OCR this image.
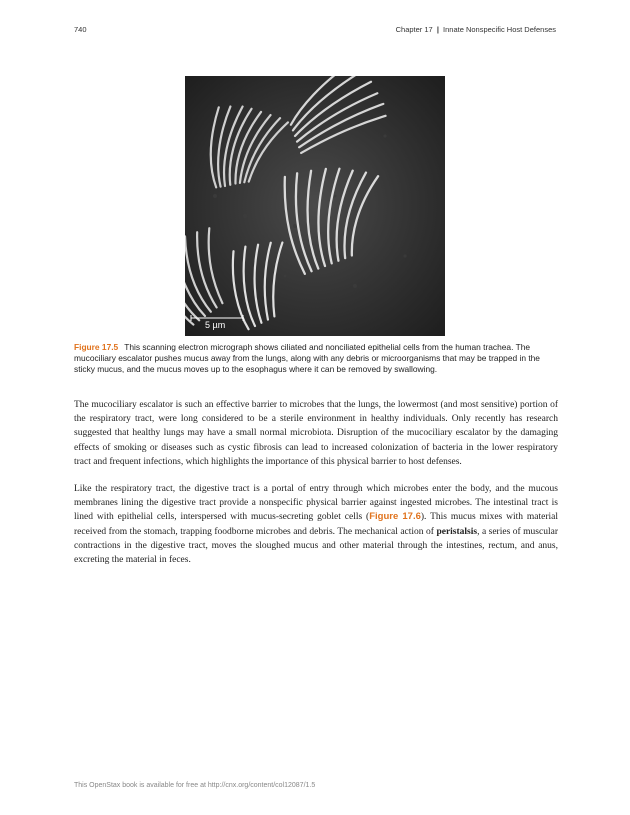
740	Chapter 17 | Innate Nonspecific Host Defenses
5 µm
Figure 17.5 This scanning electron micrograph shows ciliated and nonciliated epithelial cells from the human trachea. The mucociliary escalator pushes mucus away from the lungs, along with any debris or microorganisms that may be trapped in the sticky mucus, and the mucus moves up to the esophagus where it can be removed by swallowing.
The mucociliary escalator is such an effective barrier to microbes that the lungs, the lowermost (and most sensitive) portion of the respiratory tract, were long considered to be a sterile environment in healthy individuals. Only recently has research suggested that healthy lungs may have a small normal microbiota. Disruption of the mucociliary escalator by the damaging effects of smoking or diseases such as cystic fibrosis can lead to increased colonization of bacteria in the lower respiratory tract and frequent infections, which highlights the importance of this physical barrier to host defenses.
Like the respiratory tract, the digestive tract is a portal of entry through which microbes enter the body, and the mucous membranes lining the digestive tract provide a nonspecific physical barrier against ingested microbes. The intestinal tract is lined with epithelial cells, interspersed with mucus-secreting goblet cells (Figure 17.6). This mucus mixes with material received from the stomach, trapping foodborne microbes and debris. The mechanical action of peristalsis, a series of muscular contractions in the digestive tract, moves the sloughed mucus and other material through the intestines, rectum, and anus, excreting the material in feces.
This OpenStax book is available for free at http://cnx.org/content/col12087/1.5
